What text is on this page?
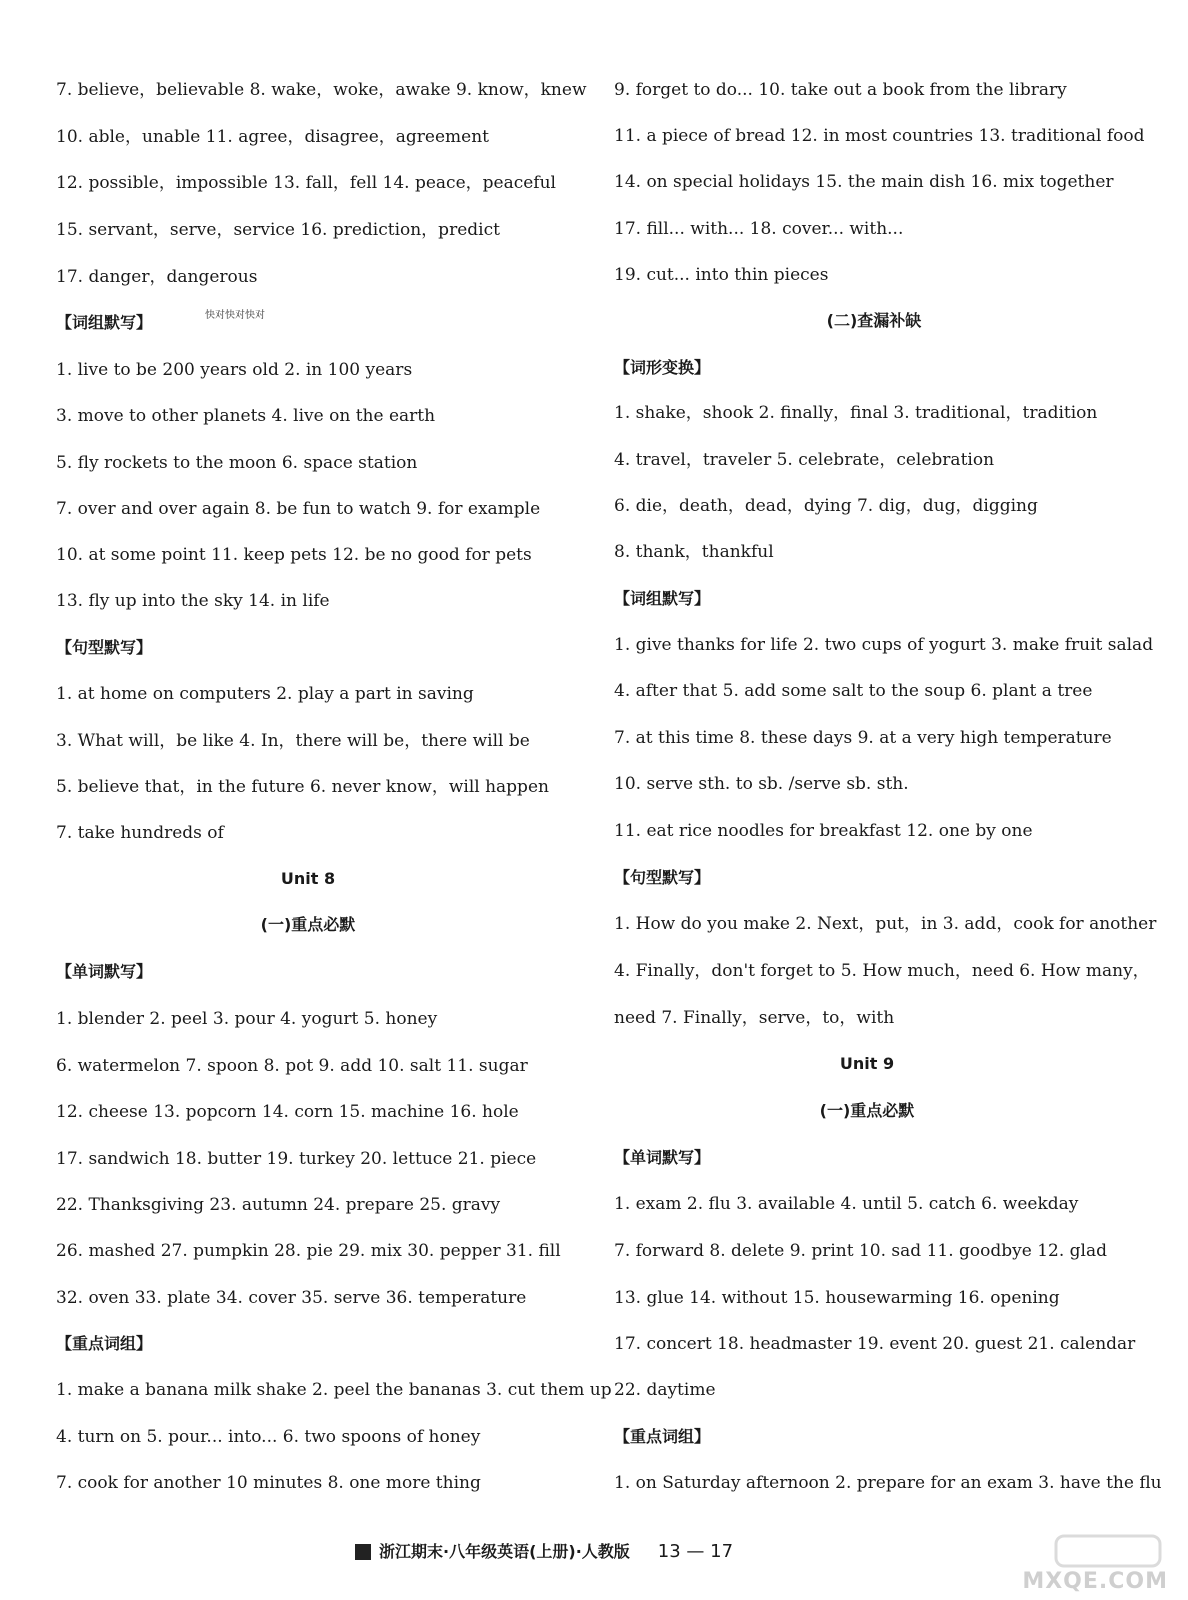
7. believe，believable 8. wake，woke，awake 9. know，knew
10. able，unable 11. agree，disagree，agreement
12. possible，impossible 13. fall，fell 14. peace，peaceful
15. servant，serve，service 16. prediction，predict
17. danger，dangerous
【词组默写】
1. live to be 200 years old 2. in 100 years
3. move to other planets 4. live on the earth
5. fly rockets to the moon 6. space station
7. over and over again 8. be fun to watch 9. for example
10. at some point 11. keep pets 12. be no good for pets
13. fly up into the sky 14. in life
【句型默写】
1. at home on computers 2. play a part in saving
3. What will，be like 4. In，there will be，there will be
5. believe that，in the future 6. never know，will happen
7. take hundreds of
Unit 8
(一)重点必默
【单词默写】
1. blender 2. peel 3. pour 4. yogurt 5. honey
6. watermelon 7. spoon 8. pot 9. add 10. salt 11. sugar
12. cheese 13. popcorn 14. corn 15. machine 16. hole
17. sandwich 18. butter 19. turkey 20. lettuce 21. piece
22. Thanksgiving 23. autumn 24. prepare 25. gravy
26. mashed 27. pumpkin 28. pie 29. mix 30. pepper 31. fill
32. oven 33. plate 34. cover 35. serve 36. temperature
【重点词组】
1. make a banana milk shake 2. peel the bananas 3. cut them up
4. turn on 5. pour... into... 6. two spoons of honey
7. cook for another 10 minutes 8. one more thing
快对快对快对
9. forget to do... 10. take out a book from the library
11. a piece of bread 12. in most countries 13. traditional food
14. on special holidays 15. the main dish 16. mix together
17. fill... with... 18. cover... with...
19. cut... into thin pieces
(二)查漏补缺
【词形变换】
1. shake，shook 2. finally，final 3. traditional，tradition
4. travel，traveler 5. celebrate，celebration
6. die，death，dead，dying 7. dig，dug，digging
8. thank，thankful
【词组默写】
1. give thanks for life 2. two cups of yogurt 3. make fruit salad
4. after that 5. add some salt to the soup 6. plant a tree
7. at this time 8. these days 9. at a very high temperature
10. serve sth. to sb. /serve sb. sth.
11. eat rice noodles for breakfast 12. one by one
【句型默写】
1. How do you make 2. Next，put，in 3. add，cook for another
4. Finally，don't forget to 5. How much，need 6. How many，
need 7. Finally，serve，to，with
Unit 9
(一)重点必默
【单词默写】
1. exam 2. flu 3. available 4. until 5. catch 6. weekday
7. forward 8. delete 9. print 10. sad 11. goodbye 12. glad
13. glue 14. without 15. housewarming 16. opening
17. concert 18. headmaster 19. event 20. guest 21. calendar
22. daytime
【重点词组】
1. on Saturday afternoon 2. prepare for an exam 3. have the flu
浙江期末·八年级英语(上册)·人教版 13 — 17
MXQE.COM
